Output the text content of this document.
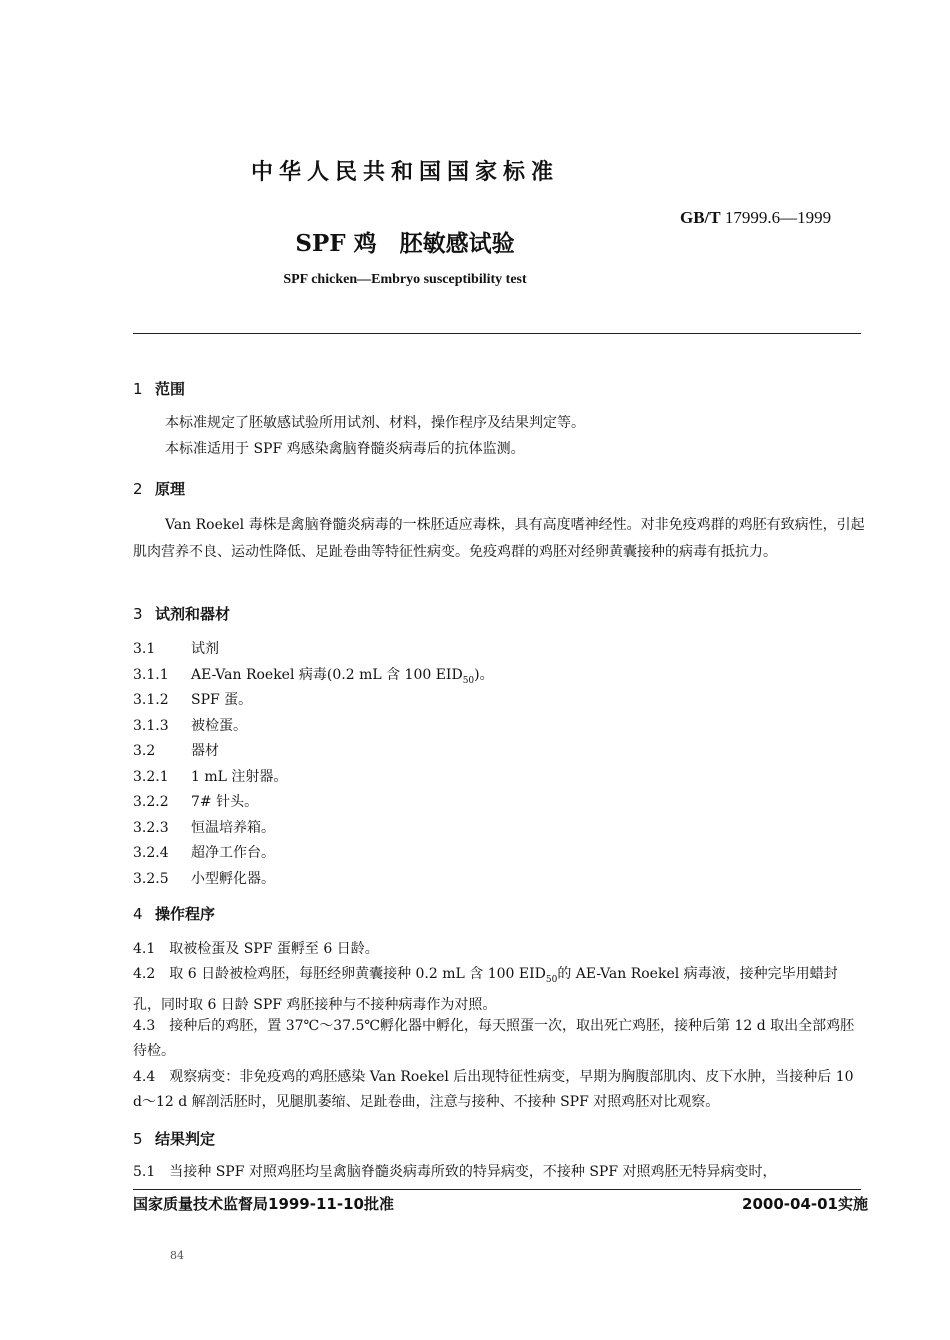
中华人民共和国国家标准
GB/T 17999.6—1999
SPF 鸡　胚敏感试验
SPF chicken—Embryo susceptibility test
1 范围
本标准规定了胚敏感试验所用试剂、材料，操作程序及结果判定等。
本标准适用于 SPF 鸡感染禽脑脊髓炎病毒后的抗体监测。
2 原理
Van Roekel 毒株是禽脑脊髓炎病毒的一株胚适应毒株，具有高度嗜神经性。对非免疫鸡群的鸡胚有致病性，引起肌肉营养不良、运动性降低、足趾卷曲等特征性病变。免疫鸡群的鸡胚对经卵黄囊接种的病毒有抵抗力。
3 试剂和器材
3.1	试剂
3.1.1 AE-Van Roekel 病毒(0.2 mL 含 100 $EID_{50}$)。
3.1.2 SPF 蛋。
3.1.3 被检蛋。
3.2	器材
3.2.1 1 mL 注射器。
3.2.2 7# 针头。
3.2.3 恒温培养箱。
3.2.4 超净工作台。
3.2.5 小型孵化器。
4 操作程序
4.1　取被检蛋及 SPF 蛋孵至 6 日龄。
4.2　取 6 日龄被检鸡胚，每胚经卵黄囊接种 0.2 mL 含 100 $EID_{50}$的 AE-Van Roekel 病毒液，接种完毕用蜡封孔，同时取 6 日龄 SPF 鸡胚接种与不接种病毒作为对照。
4.3　接种后的鸡胚，置 37℃～37.5℃孵化器中孵化，每天照蛋一次，取出死亡鸡胚，接种后第 12 d 取出全部鸡胚待检。
4.4　观察病变：非免疫鸡的鸡胚感染 Van Roekel 后出现特征性病变，早期为胸腹部肌肉、皮下水肿，当接种后 10 d～12 d 解剖活胚时，见腿肌萎缩、足趾卷曲，注意与接种、不接种 SPF 对照鸡胚对比观察。
5 结果判定
5.1　当接种 SPF 对照鸡胚均呈禽脑脊髓炎病毒所致的特异病变，不接种 SPF 对照鸡胚无特异病变时，
国家质量技术监督局1999-11-10批准	2000-04-01实施
84
